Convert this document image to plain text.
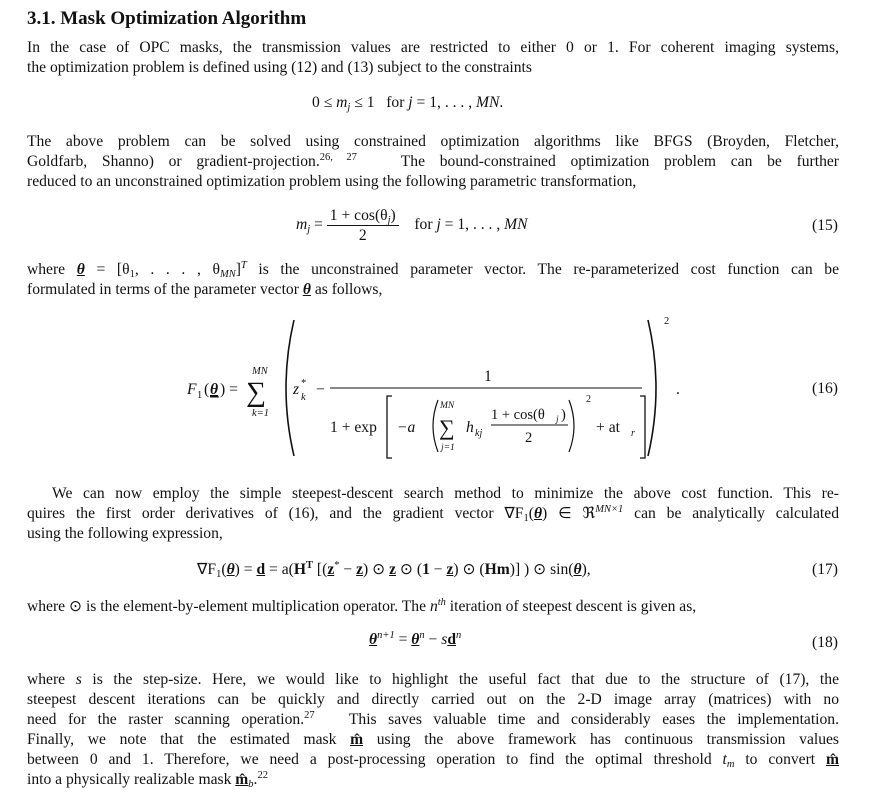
3.1. Mask Optimization Algorithm
In the case of OPC masks, the transmission values are restricted to either 0 or 1. For coherent imaging systems,
the optimization problem is defined using (12) and (13) subject to the constraints
$0 \le m_j \le 1$ for j = 1, . . . , MN.
The above problem can be solved using constrained optimization algorithms like BFGS (Broyden, Fletcher,
Goldfarb, Shanno) or gradient-projection.$^{26, 27}$	The bound-constrained optimization problem can be further
reduced to an unconstrained optimization problem using the following parametric transformation,
$m_j = \frac{1 + \cos(\theta_j)}{2}$ for j = 1, . . . , MN	(15)
where $\theta = [\theta_1$, . . . , $\theta_{MN}]^T$ is the unconstrained parameter vector. The re-parameterized cost function can be
formulated in terms of the parameter vector θ as follows,
F 1 ( θ ) =
MN
∑
k=1
2
z *
k −
1
1 + exp −a
MN
∑
j=1
h kj
1 + cos(θ j )
2
2
+ at r
.	(16)
We can now employ the simple steepest-descent search method to minimize the above cost function. This re-
quires the first order derivatives of (16), and the gradient vector $\nabla F_1(\theta)$ ∈ ℜ$^{MN\times 1}$ can be analytically calculated
using the following expression,
$\nabla F_1(\theta) = d = a(H^T$ [(z* − z) ⊙ z ⊙ (1 − z) ⊙ (Hm)] ) ⊙ sin(θ),	(17)
where ⊙ is the element-by-element multiplication operator. The $n^{th}$ iteration of steepest descent is given as,
$\theta^{n+1} = \theta^n - sd^n$	(18)
where s is the step-size. Here, we would like to highlight the useful fact that due to the structure of (17), the
steepest descent iterations can be quickly and directly carried out on the 2-D image array (matrices) with no
need for the raster scanning operation.$^{27}$ This saves valuable time and considerably eases the implementation.
Finally, we note that the estimated mask m̂ using the above framework has continuous transmission values
between 0 and 1. Therefore, we need a post-processing operation to find the optimal threshold $t_m$ to convert m̂
into a physically realizable mask $m̂_b.^{22}$
